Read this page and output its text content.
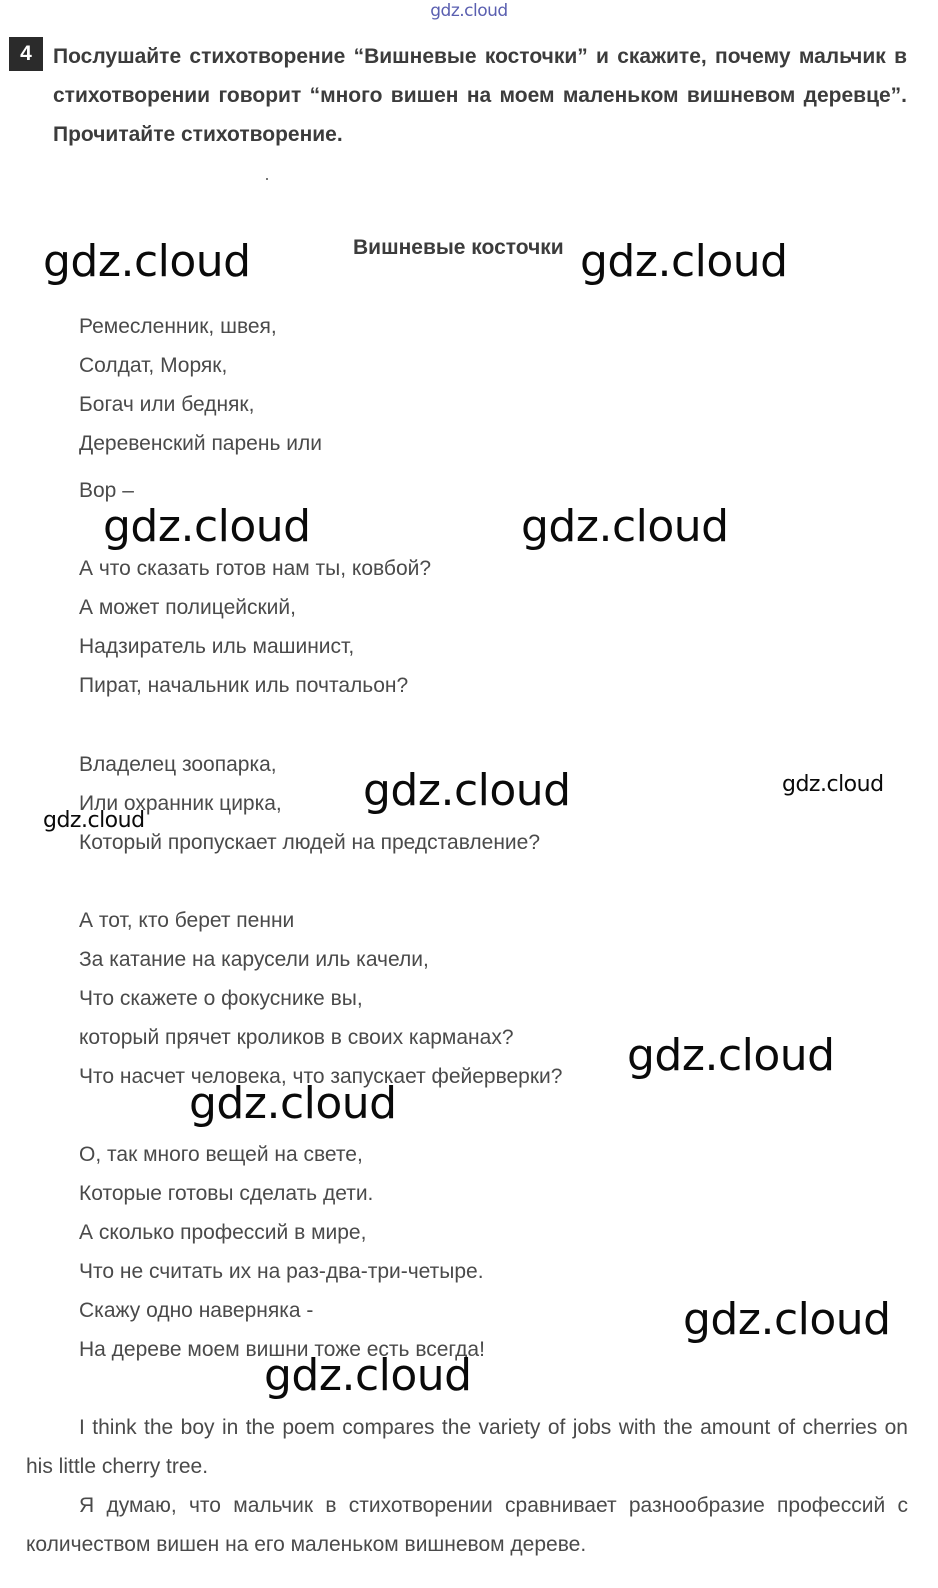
gdz.cloud
4	Послушайте стихотворение “Вишневые косточки” и скажите, почему мальчик в стихотворении говорит “много вишен на моем маленьком вишневом деревце”. Прочитайте стихотворение.
Вишневые косточки
Ремесленник, швея,
Солдат, Моряк,
Богач или бедняк,
Деревенский парень или
Вор –
А что сказать готов нам ты, ковбой?
А может полицейский,
Надзиратель иль машинист,
Пират, начальник иль почтальон?
Владелец зоопарка,
Или охранник цирка,
Который пропускает людей на представление?
А тот, кто берет пенни
За катание на карусели иль качели,
Что скажете о фокуснике вы,
который прячет кроликов в своих карманах?
Что насчет человека, что запускает фейерверки?
О, так много вещей на свете,
Которые готовы сделать дети.
А сколько профессий в мире,
Что не считать их на раз-два-три-четыре.
Скажу одно наверняка -
На дереве моем вишни тоже есть всегда!
I think the boy in the poem compares the variety of jobs with the amount of cherries on his little cherry tree.
Я думаю, что мальчик в стихотворении сравнивает разнообразие профессий с количеством вишен на его маленьком вишневом дереве.
gdz.cloud	gdz.cloud
gdz.cloud	gdz.cloud
gdz.cloud	gdz.cloud
gdz.cloud
gdz.cloud
gdz.cloud
gdz.cloud
gdz.cloud
